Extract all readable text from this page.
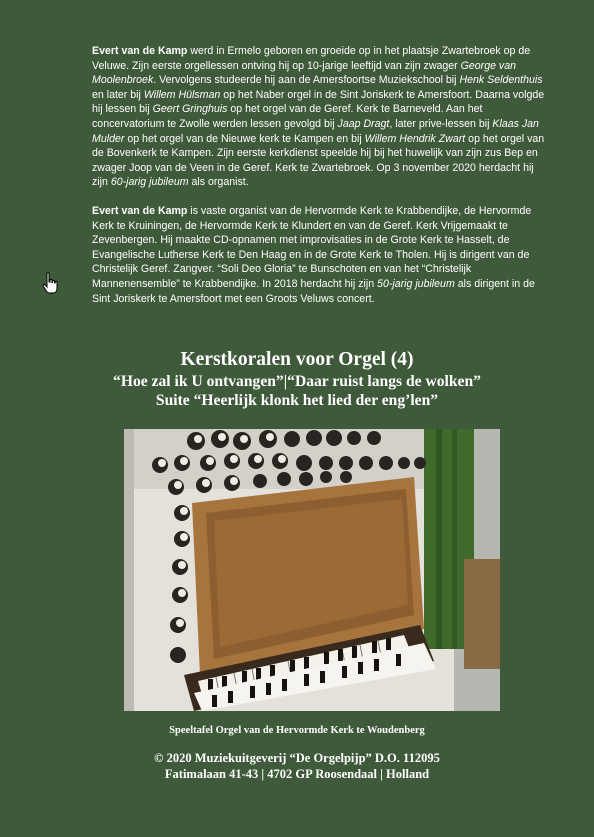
Evert van de Kamp werd in Ermelo geboren en groeide op in het plaatsje Zwartebroek op de Veluwe. Zijn eerste orgellessen ontving hij op 10-jarige leeftijd van zijn zwager George van Moolenbroek. Vervolgens studeerde hij aan de Amersfoortse Muziekschool bij Henk Seldenthuis en later bij Willem Hülsman op het Naber orgel in de Sint Joriskerk te Amersfoort. Daarna volgde hij lessen bij Geert Gringhuis op het orgel van de Geref. Kerk te Barneveld. Aan het concervatorium te Zwolle werden lessen gevolgd bij Jaap Dragt, later prive-lessen bij Klaas Jan Mulder op het orgel van de Nieuwe kerk te Kampen en bij Willem Hendrik Zwart op het orgel van de Bovenkerk te Kampen. Zijn eerste kerkdienst speelde hij bij het huwelijk van zijn zus Bep en zwager Joop van de Veen in de Geref. Kerk te Zwartebroek. Op 3 november 2020 herdacht hij zijn 60-jarig jubileum als organist.

Evert van de Kamp is vaste organist van de Hervormde Kerk te Krabbendijke, de Hervormde Kerk te Kruiningen, de Hervormde Kerk te Klundert en van de Geref. Kerk Vrijgemaakt te Zevenbergen. Hij maakte CD-opnamen met improvisaties in de Grote Kerk te Hasselt, de Evangelische Lutherse Kerk te Den Haag en in de Grote Kerk te Tholen. Hij is dirigent van de Christelijk Geref. Zangver. “Soli Deo Gloria” te Bunschoten en van het “Christelijk Mannenensemble” te Krabbendijke. In 2018 herdacht hij zijn 50-jarig jubileum als dirigent in de Sint Joriskerk te Amersfoort met een Groots Veluws concert.

Kerstkoralen voor Orgel (4)
“Hoe zal ik U ontvangen”|“Daar ruist langs de wolken”
Suite “Heerlijk klonk het lied der eng’len”
Speeltafel Orgel van de Hervormde Kerk te Woudenberg
© 2020 Muziekuitgeverij “De Orgelpijp” D.O. 112095
Fatimalaan 41-43 | 4702 GP Roosendaal | Holland
